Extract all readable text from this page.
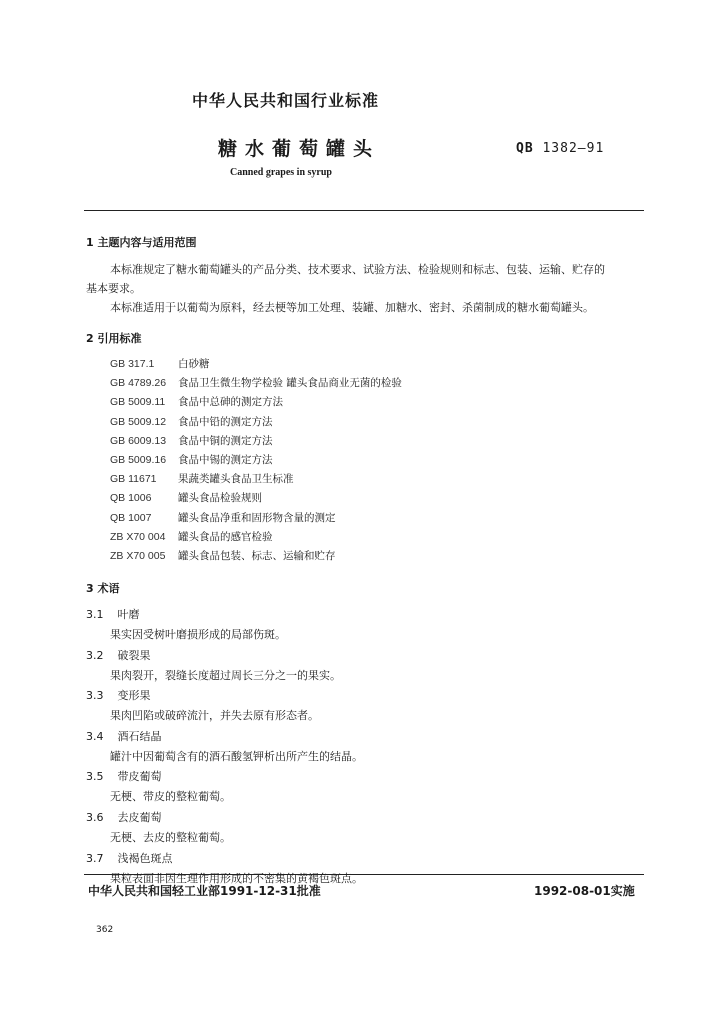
中华人民共和国行业标准
糖水葡萄罐头	QB 1382—91
Canned grapes in syrup
1 主题内容与适用范围
本标准规定了糖水葡萄罐头的产品分类、技术要求、试验方法、检验规则和标志、包装、运输、贮存的
基本要求。
本标准适用于以葡萄为原料，经去梗等加工处理、装罐、加糖水、密封、杀菌制成的糖水葡萄罐头。
2 引用标准
GB 317.1 白砂糖
GB 4789.26 食品卫生微生物学检验 罐头食品商业无菌的检验
GB 5009.11 食品中总砷的测定方法
GB 5009.12 食品中铅的测定方法
GB 6009.13 食品中铜的测定方法
GB 5009.16 食品中锡的测定方法
GB 11671 果蔬类罐头食品卫生标准
QB 1006	罐头食品检验规则
QB 1007	罐头食品净重和固形物含量的测定
ZB X70 004 罐头食品的感官检验
ZB X70 005 罐头食品包装、标志、运输和贮存
3 术语
3.1 叶磨
果实因受树叶磨损形成的局部伤斑。
3.2 破裂果
果肉裂开，裂缝长度超过周长三分之一的果实。
3.3 变形果
果肉凹陷或破碎流汁，并失去原有形态者。
3.4 酒石结晶
罐汁中因葡萄含有的酒石酸氢钾析出所产生的结晶。
3.5 带皮葡萄
无梗、带皮的整粒葡萄。
3.6 去皮葡萄
无梗、去皮的整粒葡萄。
3.7 浅褐色斑点
果粒表面非因生理作用形成的不密集的黄褐色斑点。
中华人民共和国轻工业部1991-12-31批准	1992-08-01实施
362
